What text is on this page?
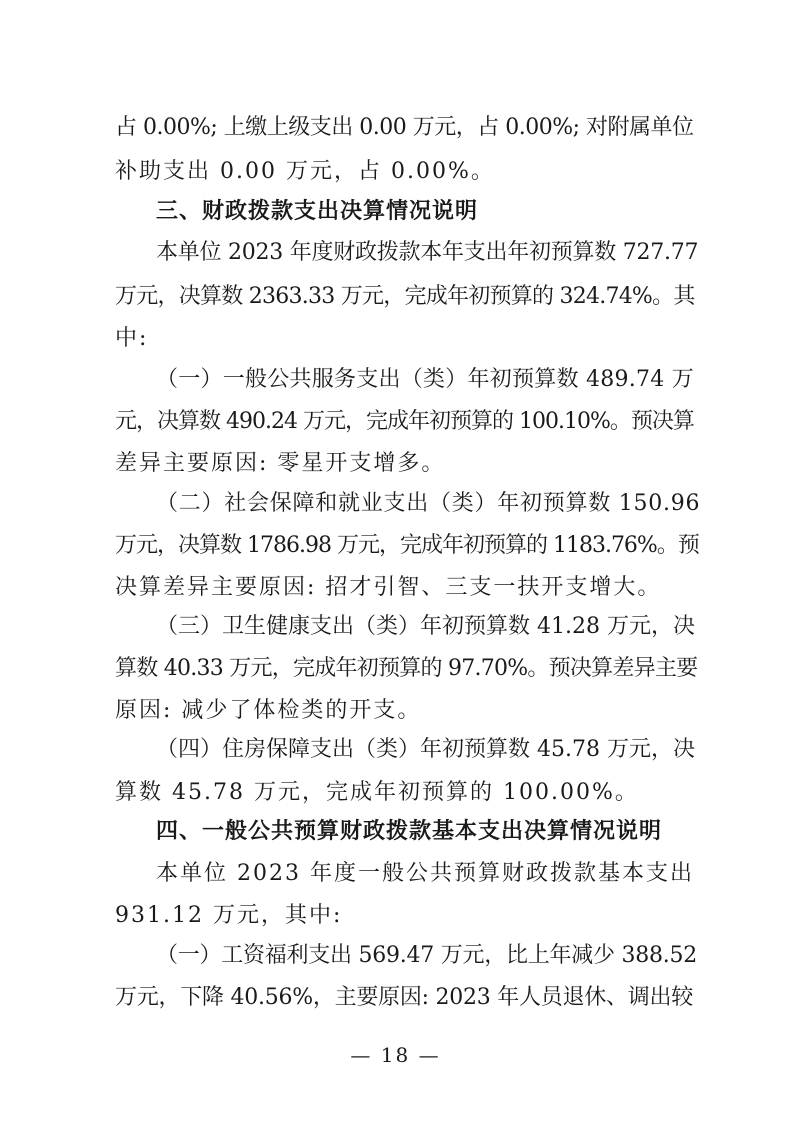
占 0.00%; 上缴上级支出 0.00 万元，占 0.00%; 对附属单位
补助支出 0.00 万元，占 0.00%。
三、财政拨款支出决算情况说明
本单位 2023 年度财政拨款本年支出年初预算数 727.77
万元，决算数 2363.33 万元，完成年初预算的 324.74%。其
中:
（一）一般公共服务支出（类）年初预算数 489.74 万
元，决算数 490.24 万元，完成年初预算的 100.10%。预决算
差异主要原因: 零星开支增多。
（二）社会保障和就业支出（类）年初预算数 150.96
万元，决算数 1786.98 万元，完成年初预算的 1183.76%。预
决算差异主要原因: 招才引智、三支一扶开支增大。
（三）卫生健康支出（类）年初预算数 41.28 万元，决
算数 40.33 万元，完成年初预算的 97.70%。预决算差异主要
原因: 减少了体检类的开支。
（四）住房保障支出（类）年初预算数 45.78 万元，决
算数 45.78 万元，完成年初预算的 100.00%。
四、一般公共预算财政拨款基本支出决算情况说明
本单位 2023 年度一般公共预算财政拨款基本支出
931.12 万元，其中:
（一）工资福利支出 569.47 万元，比上年减少 388.52
万元，下降 40.56%，主要原因: 2023 年人员退休、调出较
— 18 —
